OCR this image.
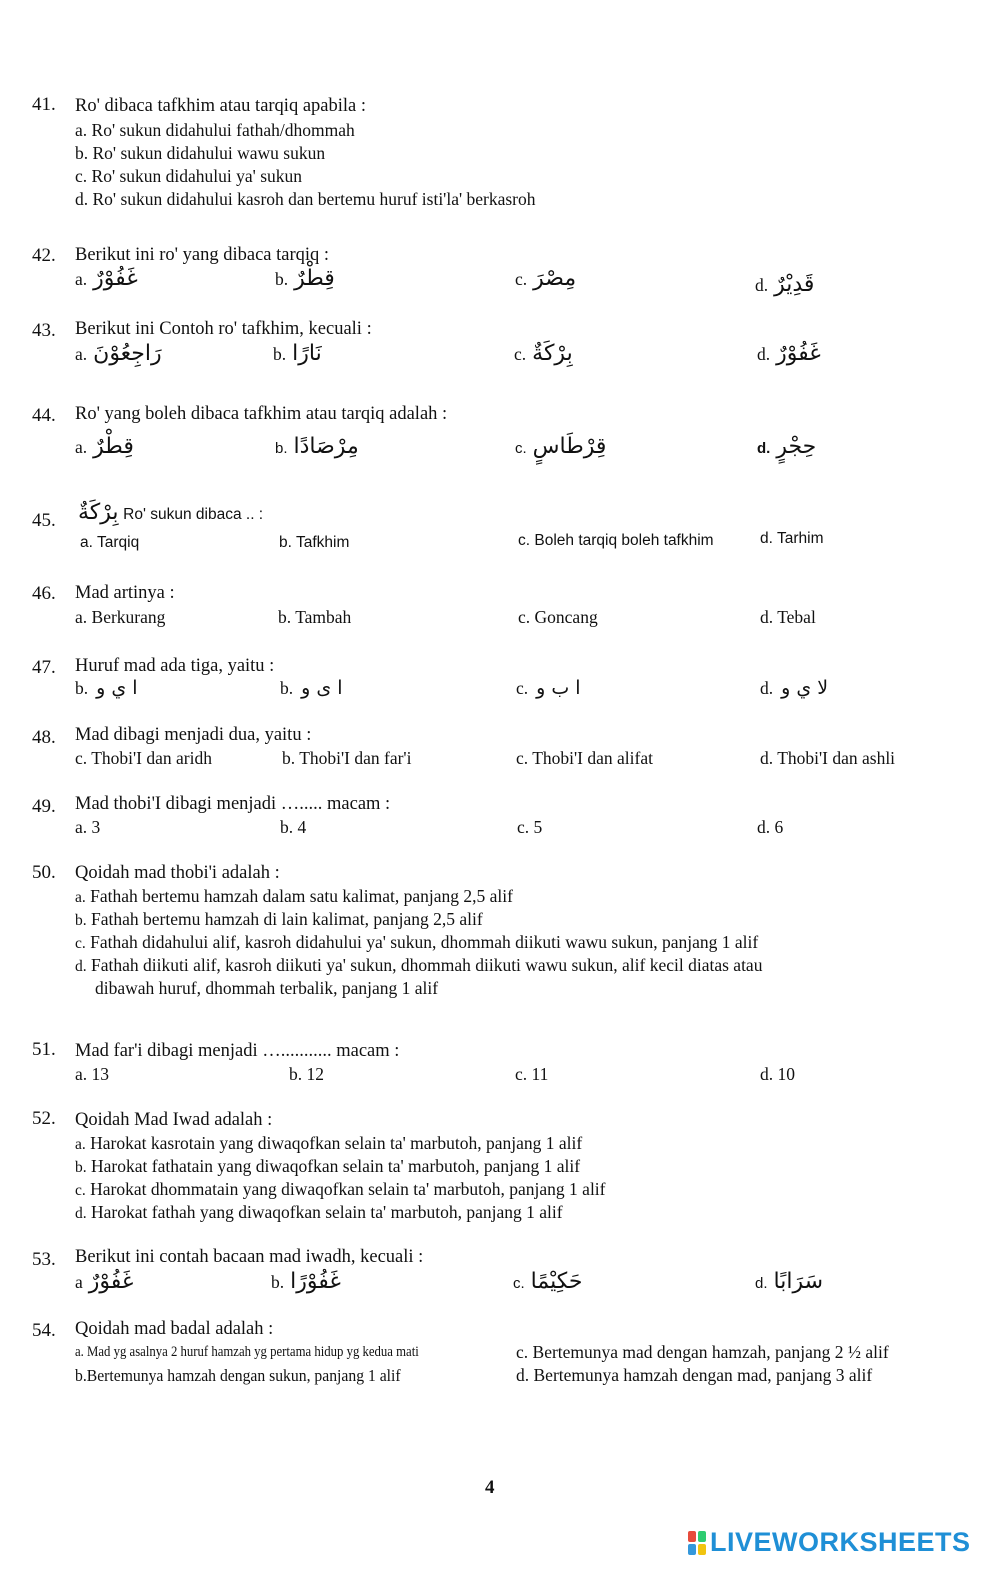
41. Ro' dibaca tafkhim atau tarqiq apabila :
a. Ro' sukun didahului fathah/dhommah
b. Ro' sukun didahului wawu sukun
c. Ro' sukun didahului ya' sukun
d. Ro' sukun didahului kasroh dan bertemu huruf isti'la' berkasroh
42. Berikut ini ro' yang dibaca tarqiq :
a. غَفُوْرٌ	b. قِطْرٌ	c. مِصْرَ	d. قَدِيْرٌ
43. Berikut ini Contoh ro' tafkhim, kecuali :
a. رَاجِعُوْنَ	b. نَارًا	c. بِرْكَةٌ	d. غَفُوْرٌ
44. Ro' yang boleh dibaca tafkhim atau tarqiq adalah :
a. قِطْرٌ	b. مِرْصَادًا	c. قِرْطَاسٍ	d. حِجْرٍ
45. بِرْكَةٌ Ro' sukun dibaca .. :
a. Tarqiq	b. Tafkhim	c. Boleh tarqiq boleh tafkhim	d. Tarhim
46. Mad artinya :
a. Berkurang	b. Tambah	c. Goncang	d. Tebal
47. Huruf mad ada tiga, yaitu :
b. ا ي و	b. ا ى و	c. ا ب و	d. لا ي و
48. Mad dibagi menjadi dua, yaitu :
c. Thobi'I dan aridh	b. Thobi'I dan far'i	c. Thobi'I dan alifat	d. Thobi'I dan ashli
49. Mad thobi'I dibagi menjadi …..... macam :
a. 3	b. 4	c. 5	d. 6
50. Qoidah mad thobi'i adalah :
a. Fathah bertemu hamzah dalam satu kalimat, panjang 2,5 alif
b. Fathah bertemu hamzah di lain kalimat, panjang 2,5 alif
c. Fathah didahului alif, kasroh didahului ya' sukun, dhommah diikuti wawu sukun, panjang 1 alif
d. Fathah diikuti alif, kasroh diikuti ya' sukun, dhommah diikuti wawu sukun, alif kecil diatas atau
dibawah huruf, dhommah terbalik, panjang 1 alif
51. Mad far'i dibagi menjadi …........... macam :
a. 13	b. 12	c. 11	d. 10
52. Qoidah Mad Iwad adalah :
a. Harokat kasrotain yang diwaqofkan selain ta' marbutoh, panjang 1 alif
b. Harokat fathatain yang diwaqofkan selain ta' marbutoh, panjang 1 alif
c. Harokat dhommatain yang diwaqofkan selain ta' marbutoh, panjang 1 alif
d. Harokat fathah yang diwaqofkan selain ta' marbutoh, panjang 1 alif
53. Berikut ini contah bacaan mad iwadh, kecuali :
a غَفُوْرٌ	b. غَفُوْرًا	c. حَكِيْمًا	d. سَرَابًا
54. Qoidah mad badal adalah :
a. Mad yg asalnya 2 huruf hamzah yg pertama hidup yg kedua mati	c. Bertemunya mad dengan hamzah, panjang 2 ½ alif
b.Bertemunya hamzah dengan sukun, panjang 1 alif	d. Bertemunya hamzah dengan mad, panjang 3 alif
4
LIVEWORKSHEETS
